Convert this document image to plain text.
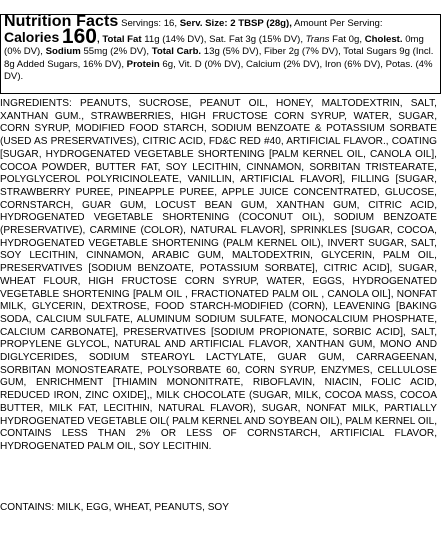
Nutrition Facts Servings: 16, Serv. Size: 2 TBSP (28g), Amount Per Serving: Calories 160, Total Fat 11g (14% DV), Sat. Fat 3g (15% DV), Trans Fat 0g, Cholest. 0mg (0% DV), Sodium 55mg (2% DV), Total Carb. 13g (5% DV), Fiber 2g (7% DV), Total Sugars 9g (Incl. 8g Added Sugars, 16% DV), Protein 6g, Vit. D (0% DV), Calcium (2% DV), Iron (6% DV), Potas. (4% DV).
INGREDIENTS: PEANUTS, SUCROSE, PEANUT OIL, HONEY, MALTODEXTRIN, SALT, XANTHAN GUM., STRAWBERRIES, HIGH FRUCTOSE CORN SYRUP, WATER, SUGAR, CORN SYRUP, MODIFIED FOOD STARCH, SODIUM BENZOATE & POTASSIUM SORBATE (USED AS PRESERVATIVES), CITRIC ACID, FD&C RED #40, ARTIFICIAL FLAVOR., COATING [SUGAR, HYDROGENATED VEGETABLE SHORTENING [PALM KERNEL OIL, CANOLA OIL], COCOA POWDER, BUTTER FAT, SOY LECITHIN, CINNAMON, SORBITAN TRISTEARATE, POLYGLYCEROL POLYRICINOLEATE, VANILLIN, ARTIFICIAL FLAVOR], FILLING [SUGAR, STRAWBERRY PUREE, PINEAPPLE PUREE, APPLE JUICE CONCENTRATED, GLUCOSE, CORNSTARCH, GUAR GUM, LOCUST BEAN GUM, XANTHAN GUM, CITRIC ACID, HYDROGENATED VEGETABLE SHORTENING (COCONUT OIL), SODIUM BENZOATE (PRESERVATIVE), CARMINE (COLOR), NATURAL FLAVOR], SPRINKLES [SUGAR, COCOA, HYDROGENATED VEGETABLE SHORTENING (PALM KERNEL OIL), INVERT SUGAR, SALT, SOY LECITHIN, CINNAMON, ARABIC GUM, MALTODEXTRIN, GLYCERIN, PALM OIL, PRESERVATIVES [SODIUM BENZOATE, POTASSIUM SORBATE], CITRIC ACID], SUGAR, WHEAT FLOUR, HIGH FRUCTOSE CORN SYRUP, WATER, EGGS, HYDROGENATED VEGETABLE SHORTENING [PALM OIL , FRACTIONATED PALM OIL , CANOLA OIL], NONFAT MILK, GLYCERIN, DEXTROSE, FOOD STARCH-MODIFIED (CORN), LEAVENING [BAKING SODA, CALCIUM SULFATE, ALUMINUM SODIUM SULFATE, MONOCALCIUM PHOSPHATE, CALCIUM CARBONATE], PRESERVATIVES [SODIUM PROPIONATE, SORBIC ACID], SALT, PROPYLENE GLYCOL, NATURAL AND ARTIFICIAL FLAVOR, XANTHAN GUM, MONO AND DIGLYCERIDES, SODIUM STEAROYL LACTYLATE, GUAR GUM, CARRAGEENAN, SORBITAN MONOSTEARATE, POLYSORBATE 60, CORN SYRUP, ENZYMES, CELLULOSE GUM, ENRICHMENT [THIAMIN MONONITRATE, RIBOFLAVIN, NIACIN, FOLIC ACID, REDUCED IRON, ZINC OXIDE],, MILK CHOCOLATE (SUGAR, MILK, COCOA MASS, COCOA BUTTER, MILK FAT, LECITHIN, NATURAL FLAVOR), SUGAR, NONFAT MILK, PARTIALLY HYDROGENATED VEGETABLE OIL( PALM KERNEL AND SOYBEAN OIL), PALM KERNEL OIL, CONTAINS LESS THAN 2% OR LESS OF CORNSTARCH, ARTIFICIAL FLAVOR, HYDROGENATED PALM OIL, SOY LECITHIN.
CONTAINS: MILK, EGG, WHEAT, PEANUTS, SOY
